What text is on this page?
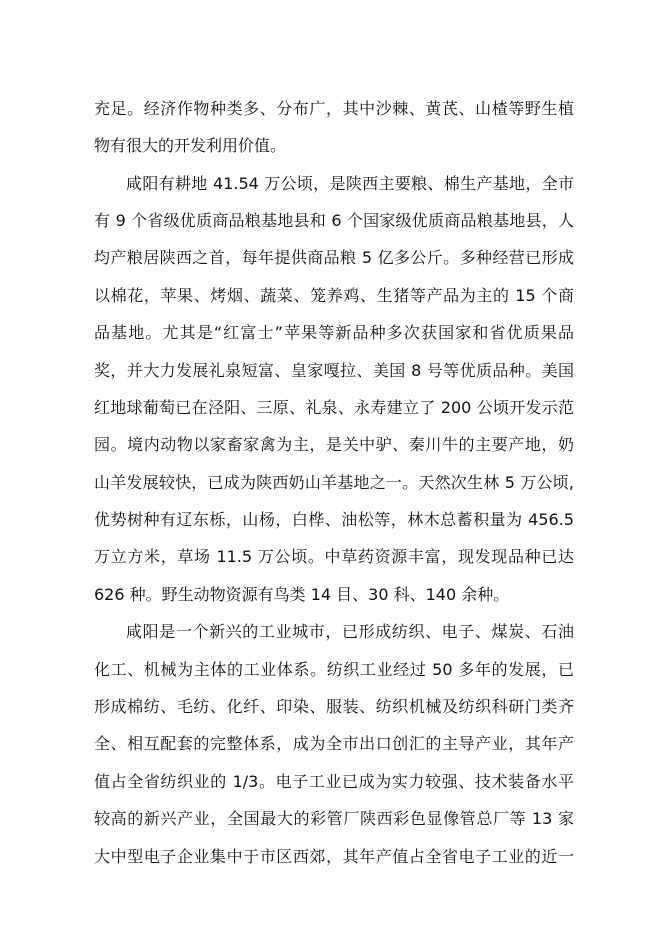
充足。经济作物种类多、分布广，其中沙棘、黄芪、山楂等野生植
物有很大的开发利用价值。
咸阳有耕地 41.54 万公顷，是陕西主要粮、棉生产基地，全市
有 9 个省级优质商品粮基地县和 6 个国家级优质商品粮基地县，人
均产粮居陕西之首，每年提供商品粮 5 亿多公斤。多种经营已形成
以棉花，苹果、烤烟、蔬菜、笼养鸡、生猪等产品为主的 15 个商
品基地。尤其是“红富士”苹果等新品种多次获国家和省优质果品
奖，并大力发展礼泉短富、皇家嘎拉、美国 8 号等优质品种。美国
红地球葡萄已在泾阳、三原、礼泉、永寿建立了 200 公顷开发示范
园。境内动物以家畜家禽为主，是关中驴、秦川牛的主要产地，奶
山羊发展较快，已成为陕西奶山羊基地之一。天然次生林 5 万公顷,
优势树种有辽东栎，山杨，白桦、油松等，林木总蓄积量为 456.5
万立方米，草场 11.5 万公顷。中草药资源丰富，现发现品种已达
626 种。野生动物资源有鸟类 14 目、30 科、140 余种。
咸阳是一个新兴的工业城市，已形成纺织、电子、煤炭、石油
化工、机械为主体的工业体系。纺织工业经过 50 多年的发展，已
形成棉纺、毛纺、化纤、印染、服装、纺织机械及纺织科研门类齐
全、相互配套的完整体系，成为全市出口创汇的主导产业，其年产
值占全省纺织业的 1/3。电子工业已成为实力较强、技术装备水平
较高的新兴产业，全国最大的彩管厂陕西彩色显像管总厂等 13 家
大中型电子企业集中于市区西郊，其年产值占全省电子工业的近一
